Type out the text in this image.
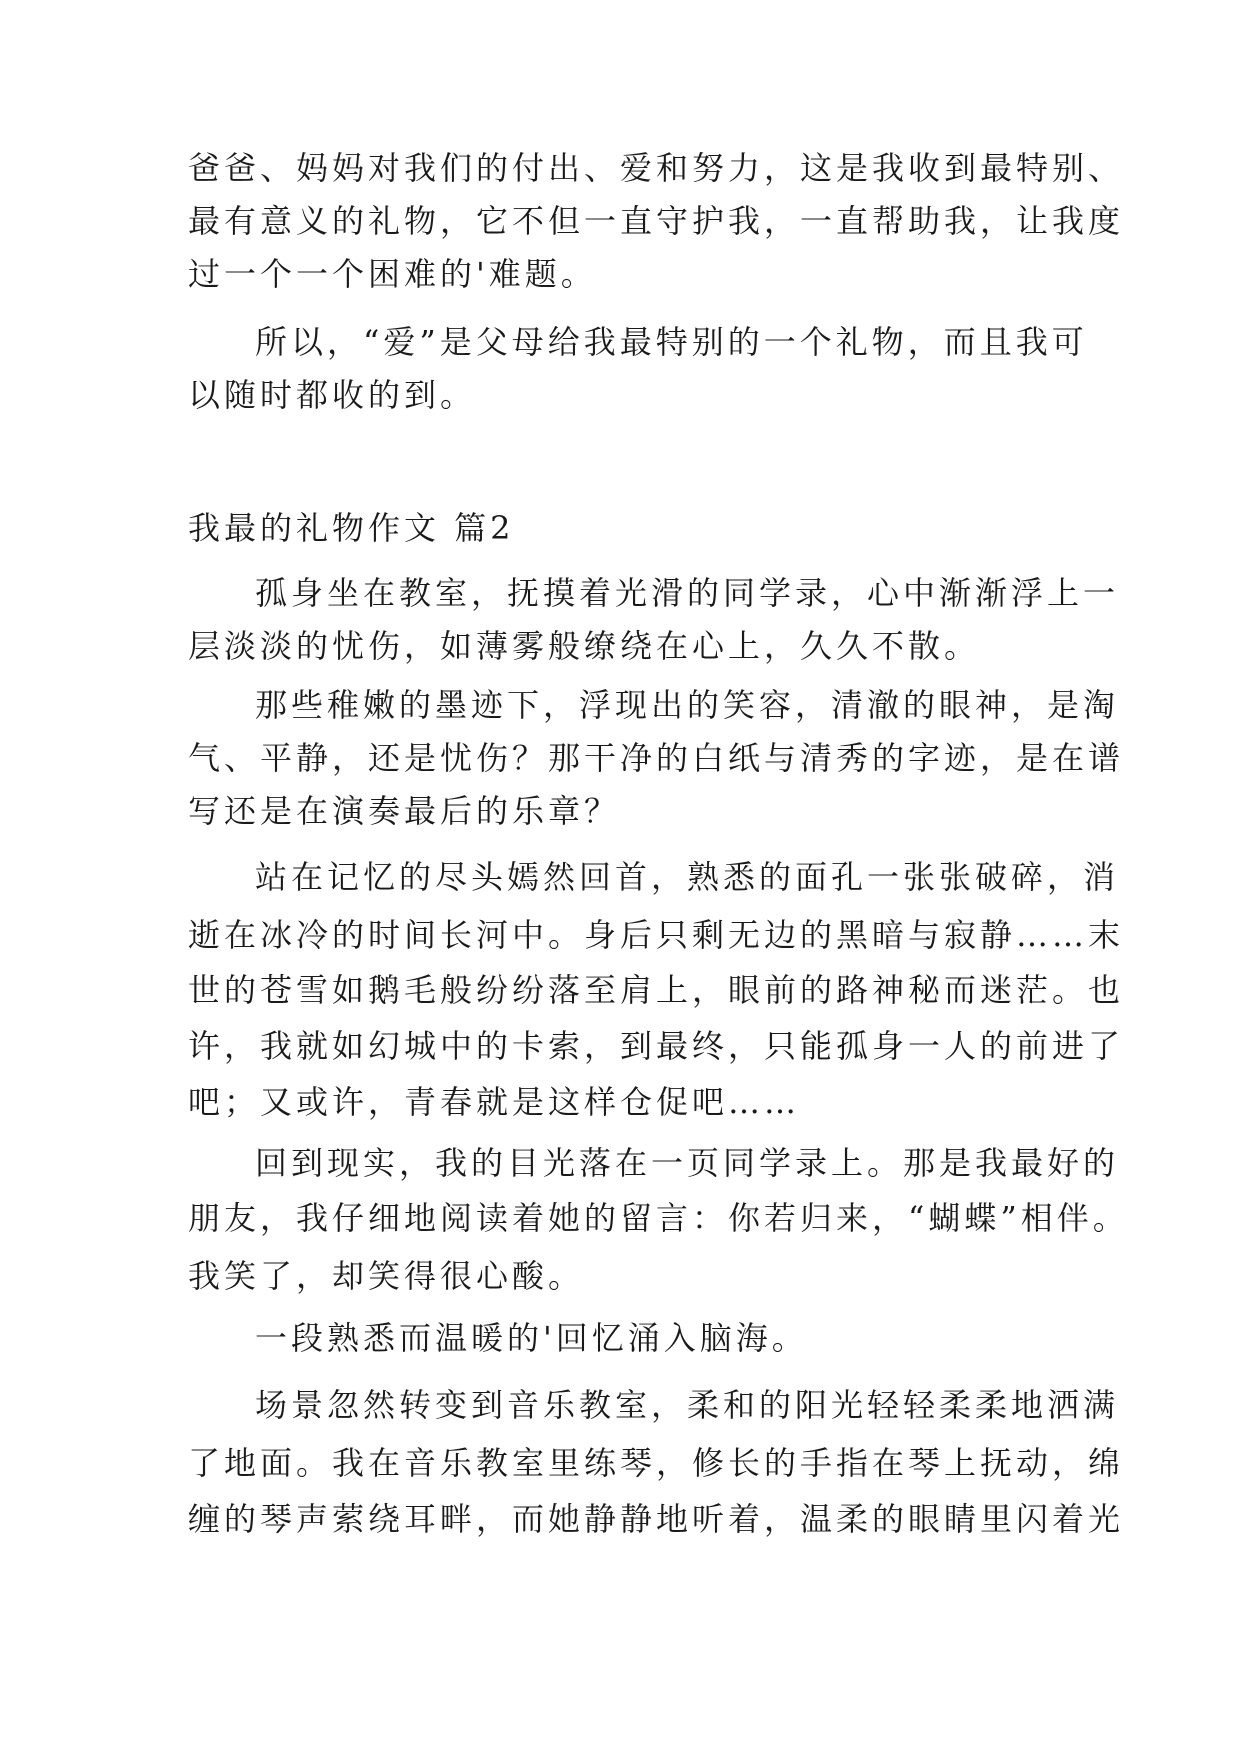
爸爸、妈妈对我们的付出、爱和努力，这是我收到最特别、
最有意义的礼物，它不但一直守护我，一直帮助我，让我度
过一个一个困难的'难题。
所以，“爱”是父母给我最特别的一个礼物，而且我可
以随时都收的到。
我最的礼物作文 篇2
孤身坐在教室，抚摸着光滑的同学录，心中渐渐浮上一
层淡淡的忧伤，如薄雾般缭绕在心上，久久不散。
那些稚嫩的墨迹下，浮现出的笑容，清澈的眼神，是淘
气、平静，还是忧伤？那干净的白纸与清秀的字迹，是在谱
写还是在演奏最后的乐章？
站在记忆的尽头嫣然回首，熟悉的面孔一张张破碎，消
逝在冰冷的时间长河中。身后只剩无边的黑暗与寂静……末
世的苍雪如鹅毛般纷纷落至肩上，眼前的路神秘而迷茫。也
许，我就如幻城中的卡索，到最终，只能孤身一人的前进了
吧；又或许，青春就是这样仓促吧……
回到现实，我的目光落在一页同学录上。那是我最好的
朋友，我仔细地阅读着她的留言：你若归来，“蝴蝶”相伴。
我笑了，却笑得很心酸。
一段熟悉而温暖的'回忆涌入脑海。
场景忽然转变到音乐教室，柔和的阳光轻轻柔柔地洒满
了地面。我在音乐教室里练琴，修长的手指在琴上抚动，绵
缠的琴声萦绕耳畔，而她静静地听着，温柔的眼睛里闪着光
